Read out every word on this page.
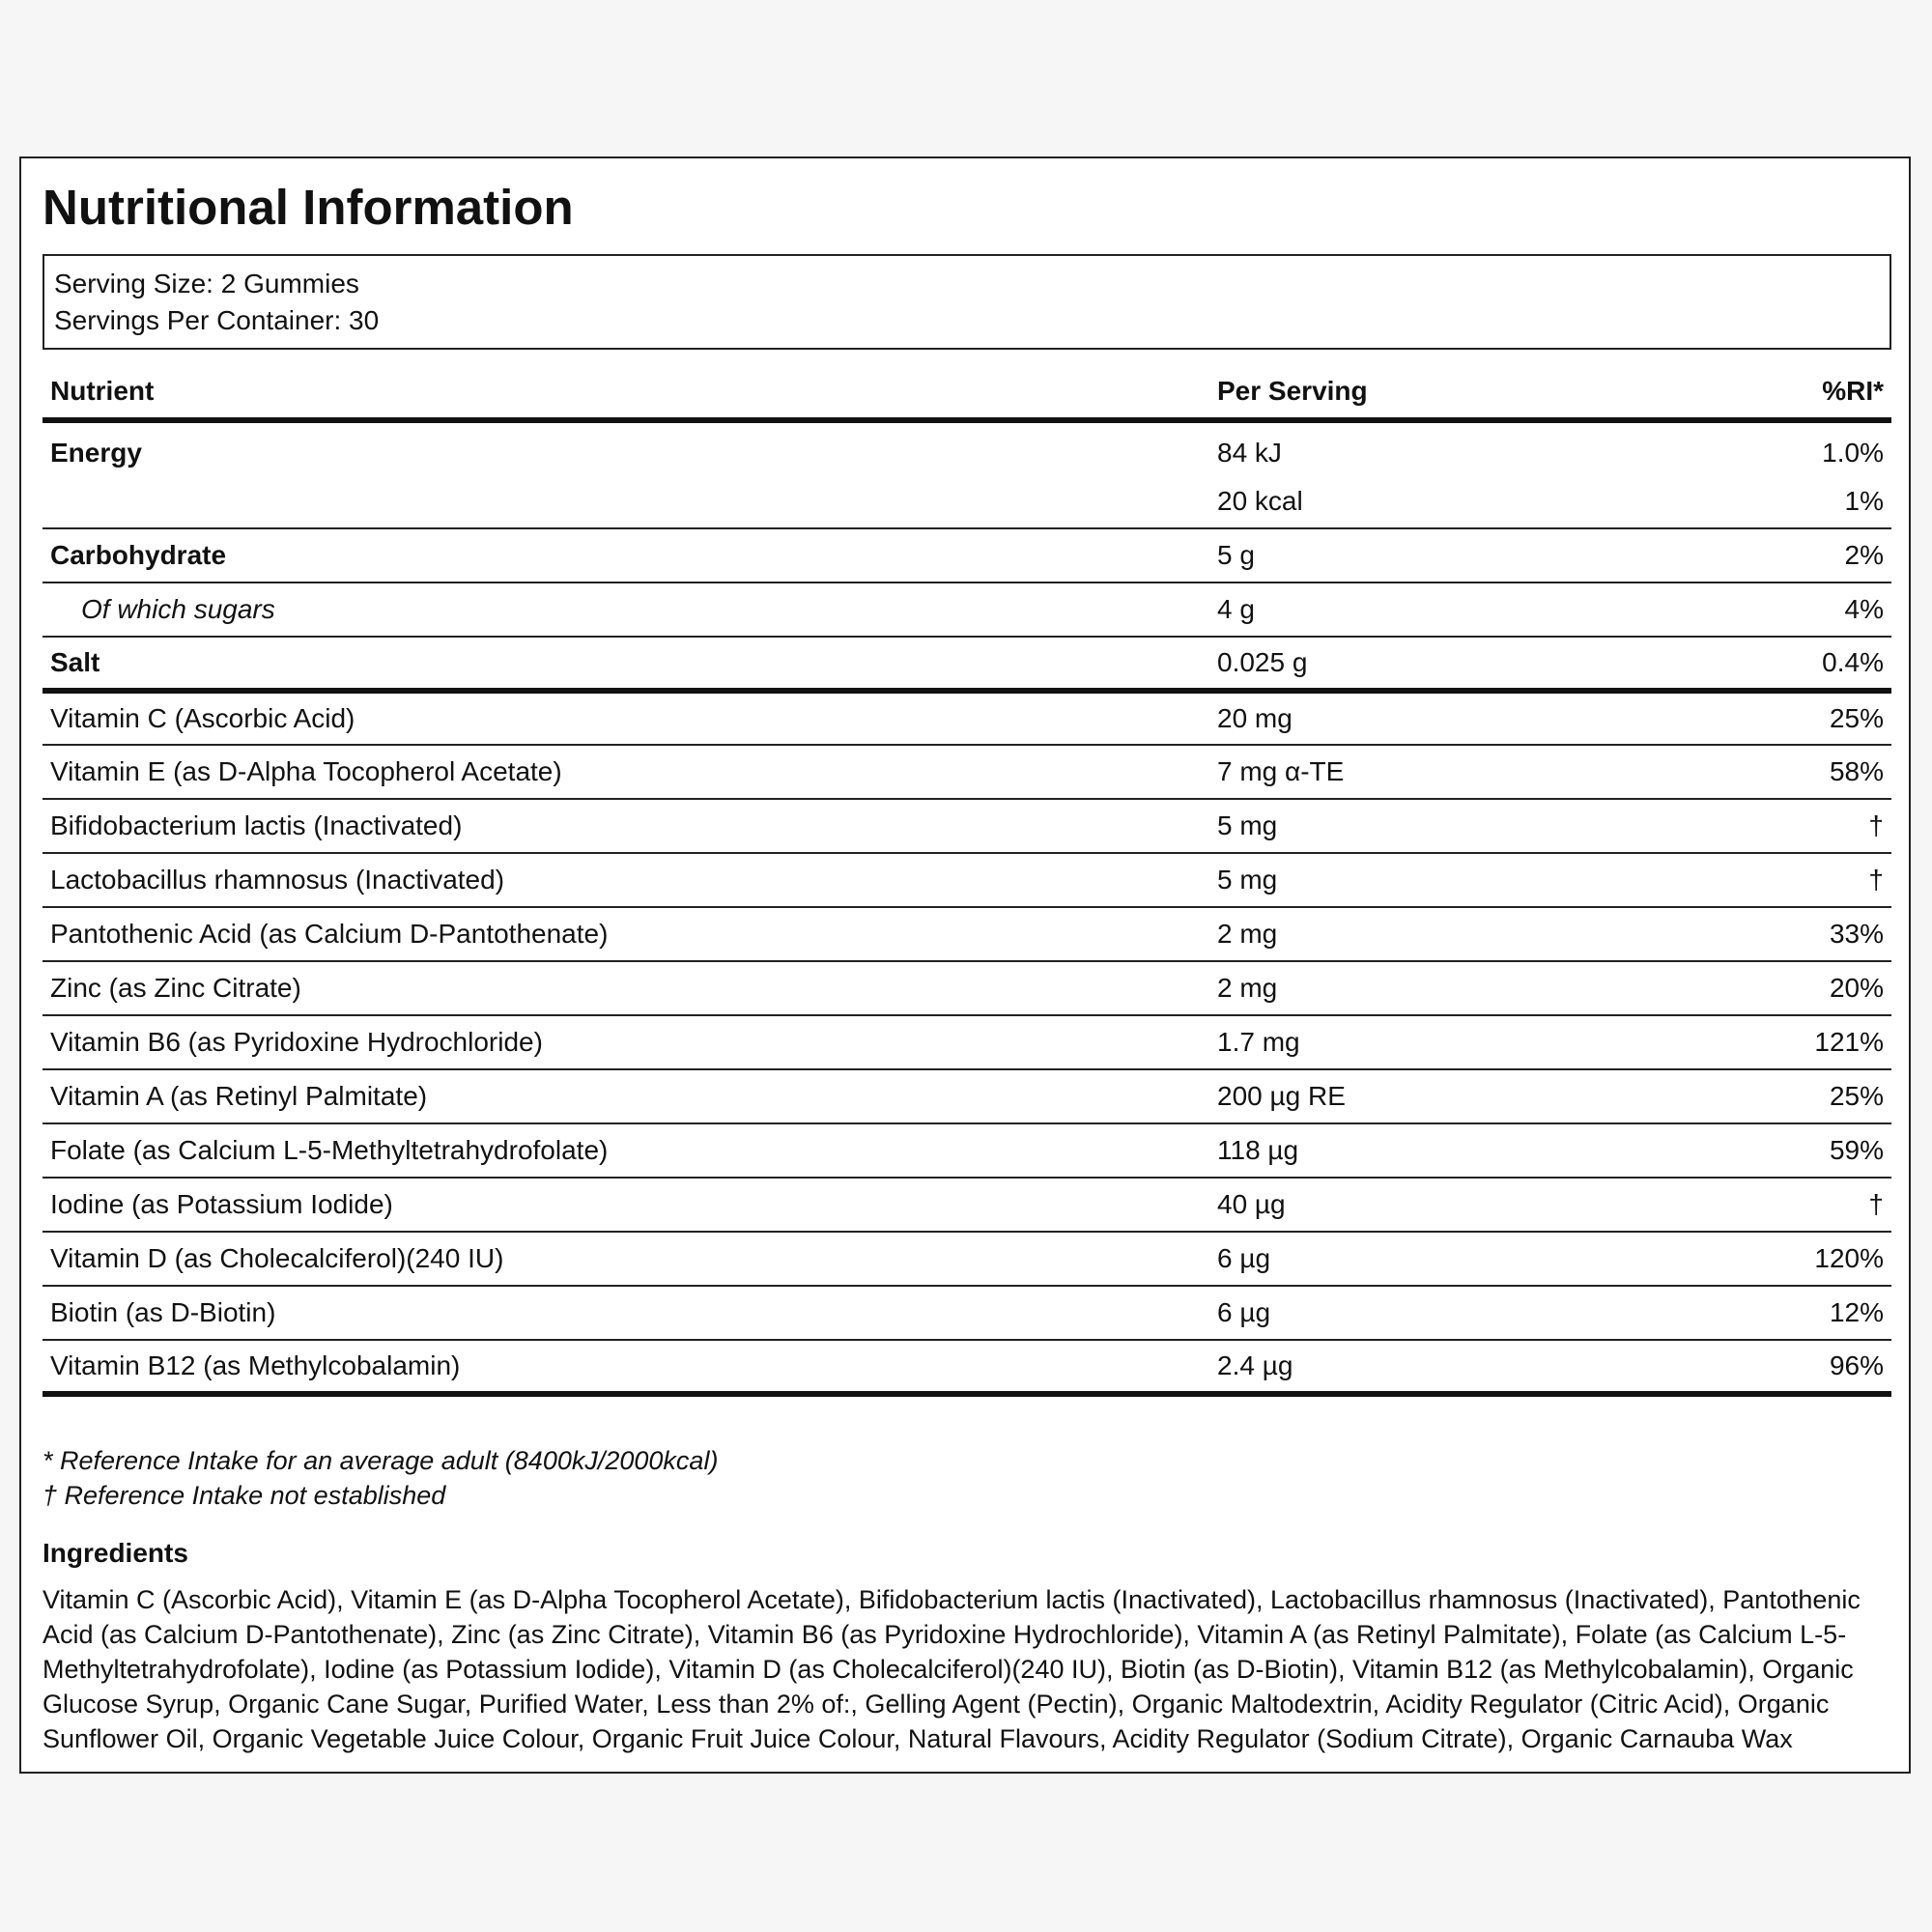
Nutritional Information
Serving Size: 2 Gummies
Servings Per Container: 30
Nutrient	Per Serving	%RI*
Energy	84 kJ	1.0%
	20 kcal	1%
Carbohydrate	5 g	2%
Of which sugars	4 g	4%
Salt	0.025 g	0.4%
Vitamin C (Ascorbic Acid)	20 mg	25%
Vitamin E (as D-Alpha Tocopherol Acetate)	7 mg α-TE	58%
Bifidobacterium lactis (Inactivated)	5 mg	†
Lactobacillus rhamnosus (Inactivated)	5 mg	†
Pantothenic Acid (as Calcium D-Pantothenate)	2 mg	33%
Zinc (as Zinc Citrate)	2 mg	20%
Vitamin B6 (as Pyridoxine Hydrochloride)	1.7 mg	121%
Vitamin A (as Retinyl Palmitate)	200 µg RE	25%
Folate (as Calcium L-5-Methyltetrahydrofolate)	118 µg	59%
Iodine (as Potassium Iodide)	40 µg	†
Vitamin D (as Cholecalciferol)(240 IU)	6 µg	120%
Biotin (as D-Biotin)	6 µg	12%
Vitamin B12 (as Methylcobalamin)	2.4 µg	96%
* Reference Intake for an average adult (8400kJ/2000kcal)
† Reference Intake not established
Ingredients
Vitamin C (Ascorbic Acid), Vitamin E (as D-Alpha Tocopherol Acetate), Bifidobacterium lactis (Inactivated), Lactobacillus rhamnosus (Inactivated), Pantothenic Acid (as Calcium D-Pantothenate), Zinc (as Zinc Citrate), Vitamin B6 (as Pyridoxine Hydrochloride), Vitamin A (as Retinyl Palmitate), Folate (as Calcium L-5-Methyltetrahydrofolate), Iodine (as Potassium Iodide), Vitamin D (as Cholecalciferol)(240 IU), Biotin (as D-Biotin), Vitamin B12 (as Methylcobalamin), Organic Glucose Syrup, Organic Cane Sugar, Purified Water, Less than 2% of:, Gelling Agent (Pectin), Organic Maltodextrin, Acidity Regulator (Citric Acid), Organic Sunflower Oil, Organic Vegetable Juice Colour, Organic Fruit Juice Colour, Natural Flavours, Acidity Regulator (Sodium Citrate), Organic Carnauba Wax
